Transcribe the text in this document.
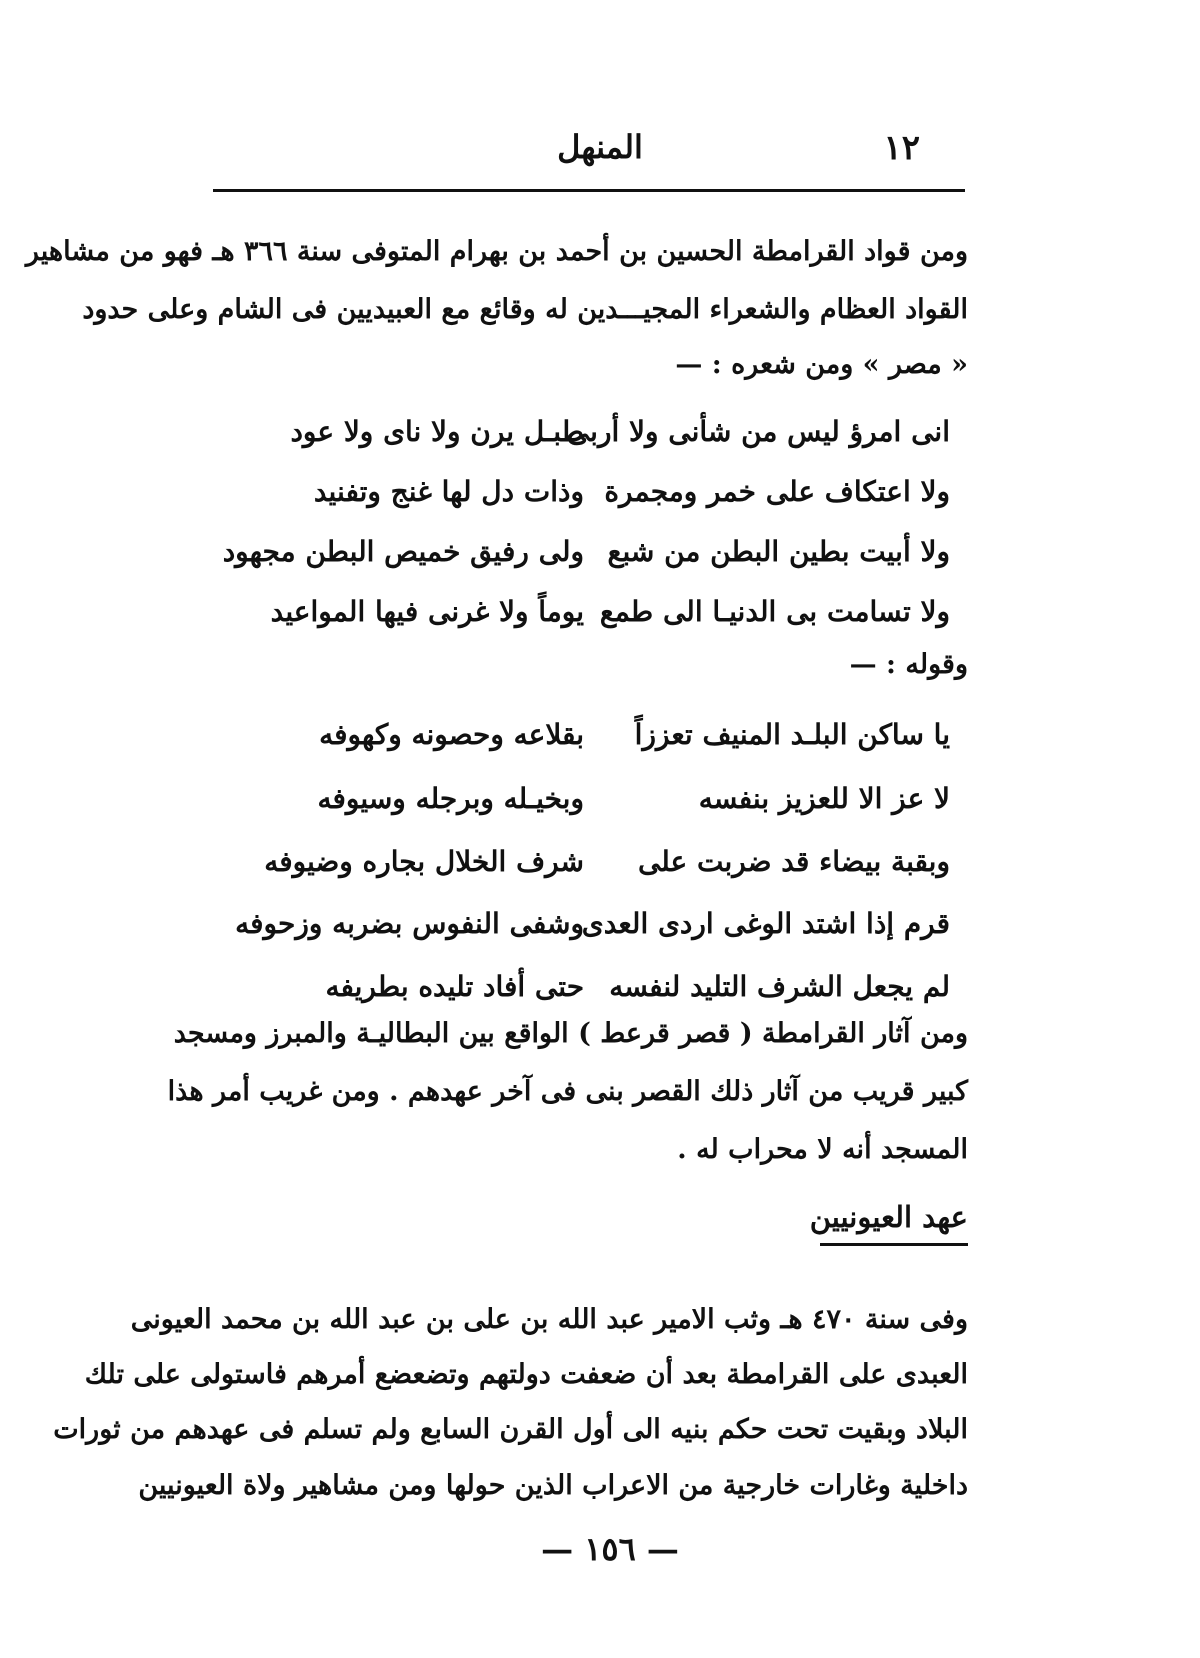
١٢
المنهل
ومن قواد القرامطة الحسين بن أحمد بن بهرام المتوفى سنة ٣٦٦ هـ فهو من مشاهير
القواد العظام والشعراء المجيـــدين له وقائع مع العبيديين فى الشام وعلى حدود
« مصر » ومن شعره : —
انى امرؤ ليس من شأنى ولا أربى
طبـل يرن ولا ناى ولا عود
ولا اعتكاف على خمر ومجمرة
وذات دل لها غنج وتفنيد
ولا أبيت بطين البطن من شبع
ولى رفيق خميص البطن مجهود
ولا تسامت بى الدنيـا الى طمع
يوماً ولا غرنى فيها المواعيد
وقوله : —
يا ساكن البلـد المنيف تعززاً
بقلاعه وحصونه وكهوفه
لا عز الا للعزيز بنفسه
وبخيـله وبرجله وسيوفه
وبقبة بيضاء قد ضربت على
شرف الخلال بجاره وضيوفه
قرم إذا اشتد الوغى اردى العدى
وشفى النفوس بضربه وزحوفه
لم يجعل الشرف التليد لنفسه
حتى أفاد تليده بطريفه
ومن آثار القرامطة ( قصر قرعط ) الواقع بين البطاليـة والمبرز ومسجد
كبير قريب من آثار ذلك القصر بنى فى آخر عهدهم . ومن غريب أمر هذا
المسجد أنه لا محراب له .
عهد العيونيين
وفى سنة ٤٧٠ هـ وثب الامير عبد الله بن على بن عبد الله بن محمد العيونى
العبدى على القرامطة بعد أن ضعفت دولتهم وتضعضع أمرهم فاستولى على تلك
البلاد وبقيت تحت حكم بنيه الى أول القرن السابع ولم تسلم فى عهدهم من ثورات
داخلية وغارات خارجية من الاعراب الذين حولها ومن مشاهير ولاة العيونيين
— ١٥٦ —
